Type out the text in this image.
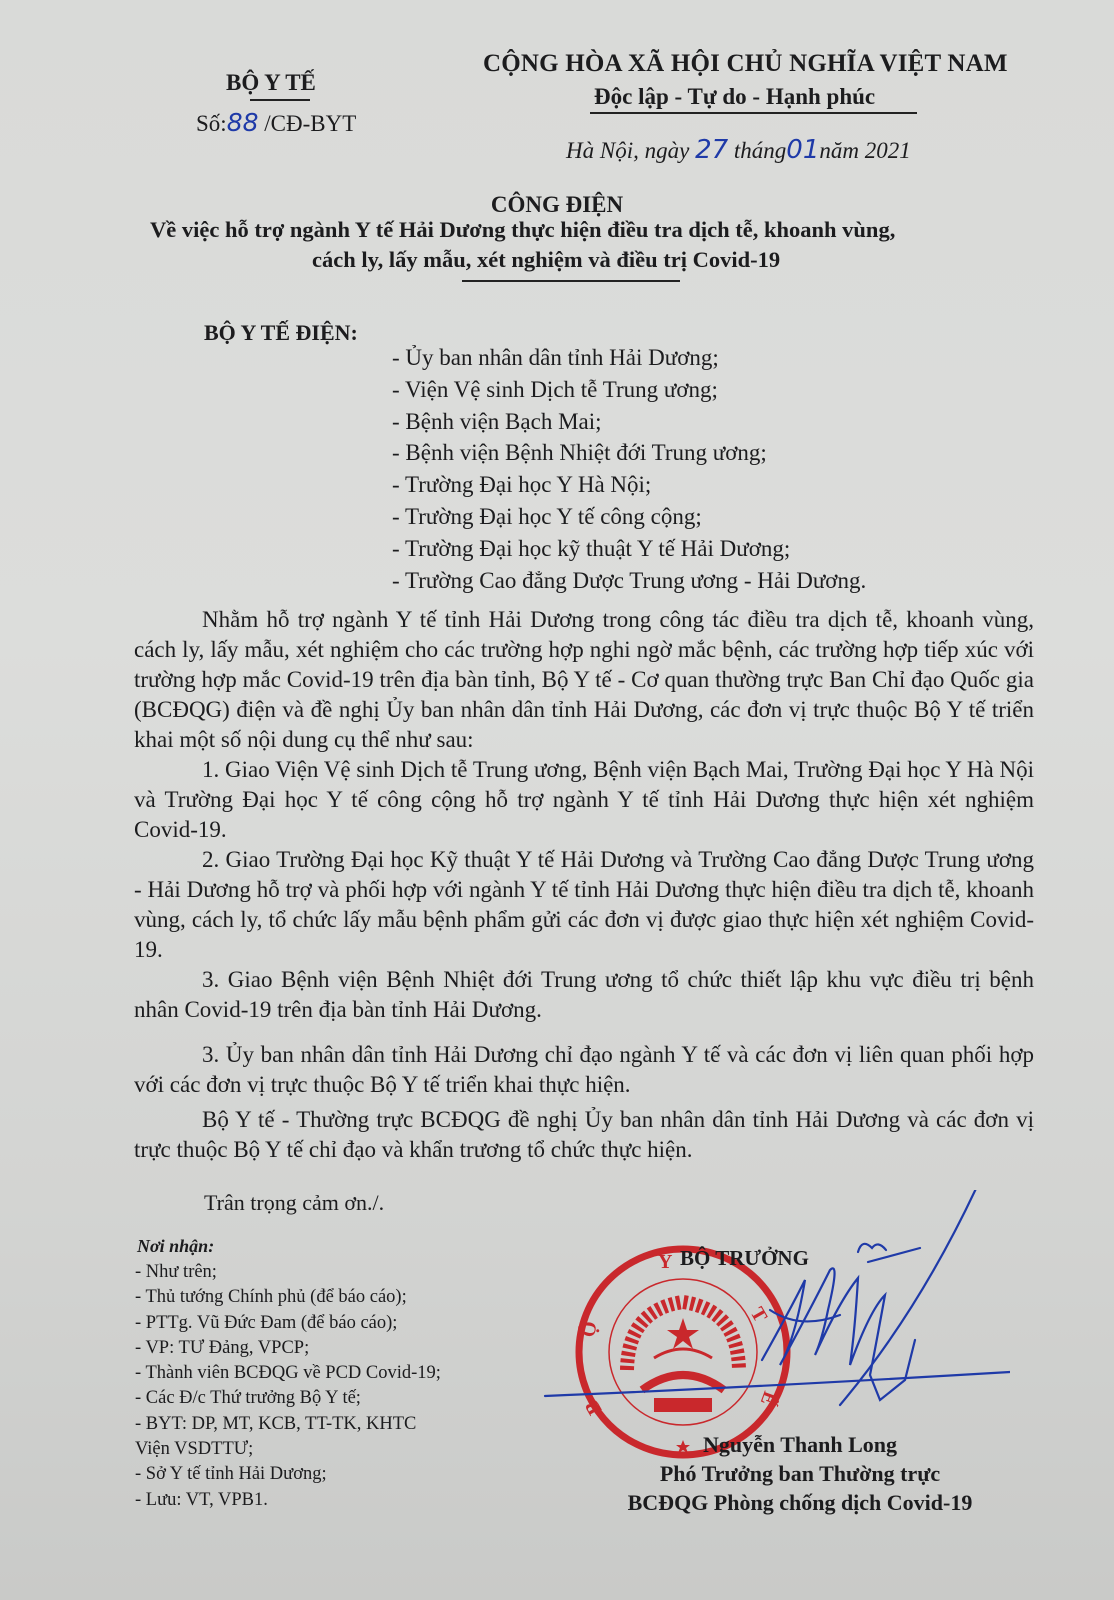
BỘ Y TẾ
Số:88 /CĐ-BYT
CỘNG HÒA XÃ HỘI CHỦ NGHĨA VIỆT NAM
Độc lập - Tự do - Hạnh phúc
Hà Nội, ngày 27 tháng01năm 2021
CÔNG ĐIỆN
Về việc hỗ trợ ngành Y tế Hải Dương thực hiện điều tra dịch tễ, khoanh vùng,
cách ly, lấy mẫu, xét nghiệm và điều trị Covid-19
BỘ Y TẾ ĐIỆN:
- Ủy ban nhân dân tỉnh Hải Dương;
- Viện Vệ sinh Dịch tễ Trung ương;
- Bệnh viện Bạch Mai;
- Bệnh viện Bệnh Nhiệt đới Trung ương;
- Trường Đại học Y Hà Nội;
- Trường Đại học Y tế công cộng;
- Trường Đại học kỹ thuật Y tế Hải Dương;
- Trường Cao đẳng Dược Trung ương - Hải Dương.
Nhằm hỗ trợ ngành Y tế tỉnh Hải Dương trong công tác điều tra dịch tễ, khoanh vùng, cách ly, lấy mẫu, xét nghiệm cho các trường hợp nghi ngờ mắc bệnh, các trường hợp tiếp xúc với trường hợp mắc Covid-19 trên địa bàn tỉnh, Bộ Y tế - Cơ quan thường trực Ban Chỉ đạo Quốc gia (BCĐQG) điện và đề nghị Ủy ban nhân dân tỉnh Hải Dương, các đơn vị trực thuộc Bộ Y tế triển khai một số nội dung cụ thể như sau:
1. Giao Viện Vệ sinh Dịch tễ Trung ương, Bệnh viện Bạch Mai, Trường Đại học Y Hà Nội và Trường Đại học Y tế công cộng hỗ trợ ngành Y tế tỉnh Hải Dương thực hiện xét nghiệm Covid-19.
2. Giao Trường Đại học Kỹ thuật Y tế Hải Dương và Trường Cao đẳng Dược Trung ương - Hải Dương hỗ trợ và phối hợp với ngành Y tế tỉnh Hải Dương thực hiện điều tra dịch tễ, khoanh vùng, cách ly, tổ chức lấy mẫu bệnh phẩm gửi các đơn vị được giao thực hiện xét nghiệm Covid-19.
3. Giao Bệnh viện Bệnh Nhiệt đới Trung ương tổ chức thiết lập khu vực điều trị bệnh nhân Covid-19 trên địa bàn tỉnh Hải Dương.
3. Ủy ban nhân dân tỉnh Hải Dương chỉ đạo ngành Y tế và các đơn vị liên quan phối hợp với các đơn vị trực thuộc Bộ Y tế triển khai thực hiện.
Bộ Y tế - Thường trực BCĐQG đề nghị Ủy ban nhân dân tỉnh Hải Dương và các đơn vị trực thuộc Bộ Y tế chỉ đạo và khẩn trương tổ chức thực hiện.
Trân trọng cảm ơn./.
Nơi nhận:
- Như trên;
- Thủ tướng Chính phủ (để báo cáo);
- PTTg. Vũ Đức Đam (để báo cáo);
- VP: TƯ Đảng, VPCP;
- Thành viên BCĐQG về PCD Covid-19;
- Các Đ/c Thứ trưởng Bộ Y tế;
- BYT: DP, MT, KCB, TT-TK, KHTC
Viện VSDTTƯ;
- Sở Y tế tỉnh Hải Dương;
- Lưu: VT, VPB1.
Y
T
Ế
Ộ
B
BỘ TRƯỞNG
Nguyễn Thanh Long
Phó Trưởng ban Thường trực
BCĐQG Phòng chống dịch Covid-19
